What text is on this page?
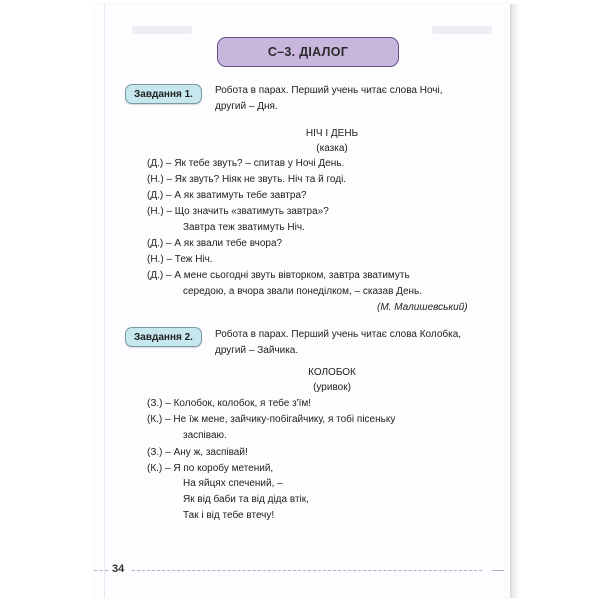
С–3. ДІАЛОГ
Завдання 1.	Робота в парах. Перший учень читає слова Ночі,
другий – Дня.
НІЧ І ДЕНЬ
(казка)
(Д.) – Як тебе звуть? – спитав у Ночі День.
(Н.) – Як звуть? Ніяк не звуть. Ніч та й годі.
(Д.) – А як зватимуть тебе завтра?
(Н.) – Що значить «зватимуть завтра»?
Завтра теж зватимуть Ніч.
(Д.) – А як звали тебе вчора?
(Н.) – Теж Ніч.
(Д.) – А мене сьогодні звуть вівторком, завтра зватимуть
середою, а вчора звали понеділком, – сказав День.
(М. Малишевський)
Завдання 2.	Робота в парах. Перший учень читає слова Колобка,
другий – Зайчика.
КОЛОБОК
(уривок)
(З.) – Колобок, колобок, я тебе з'їм!
(К.) – Не їж мене, зайчику-побігайчику, я тобі пісеньку
заспіваю.
(З.) – Ану ж, заспівай!
(К.) – Я по коробу метений,
На яйцях спечений, –
Як від баби та від діда втік,
Так і від тебе втечу!
34
